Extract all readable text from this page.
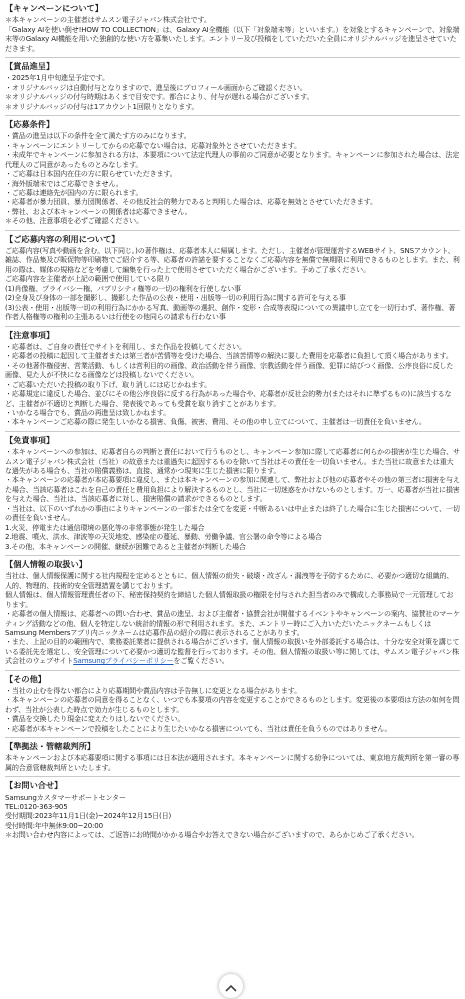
【キャンペーンについて】

＊本キャンペーンの主催者はサムスン電子ジャパン株式会社です。

「Galaxy AIを使い倒せ!HOW TO COLLECTION」は、Galaxy AI全機能（以下「対象端末等」といいます。）を対象とするキャンペーンで、対象端末等のGalaxy AI機能を用いた独創的な使い方を募集いたします。エントリー及び投稿をしていただいた全員にオリジナルバッジを進呈させていただきます。

【賞品進呈】

・2025年1月中旬進呈予定です。

・オリジナルバッジは自動付与となりますので、進呈後にプロフィール画面からご確認ください。

＊オリジナルバッジの付与時期はあくまで目安です。都合により、付与が遅れる場合がございます。

＊オリジナルバッジの付与は1アカウント1回限りとなります。

【応募条件】

・賞品の進呈は以下の条件を全て満たす方のみになります。

・キャンペーンにエントリーしてからの応募でない場合は、応募対象外とさせていただきます。

・未成年でキャンペーンに参加される方は、本要項について法定代理人の事前のご同意が必要となります。キャンペーンに参加された場合は、法定代理人のご同意があったものとみなします。

・ご応募は日本国内在住の方に限らせていただきます。

・海外版端末ではご応募できません。

・ご応募は連絡先が国内の方に限られます。

・応募者が暴力団員、暴力団関係者、その他反社会的勢力であると判明した場合は、応募を無効とさせていただきます。

・弊社、および本キャンペーンの関係者は応募できません。

＊その他、注意事項を必ずご確認ください。

【ご応募内容の利用について】

ご応募内容(写真や動画を含む。以下同じ。)の著作権は、応募者本人に帰属します。ただし、主催者が管理運営するWEBサイト、SNSアカウント、雑誌、作品集及び販促物等印刷物でご紹介する等、応募者の許諾を要することなくご応募内容を無償で無期限に利用できるものとします。また、利用の際は、媒体の規格などを考慮して編集を行った上で使用させていただく場合がございます。予めご了承ください。

ご応募内容を主催者が上記の範囲で使用している限り

(1)肖像権、プライバシー権、パブリシティ権等の一切の権利を行使しない事

(2)全身及び身体の一部を撮影し、撮影した作品の公表・使用・出版等一切の利用行為に関する許可を与える事

(3)公表・使用・出版等一切の利用行為にかかる写真、動画等の選択、創作・変形・合成等表現についての異議申し立てを一切行わず、著作権、著作者人格権等の権利の主張あるいは行使をの他同らの請求も行わない事

【注意事項】

・応募者は、ご自身の責任でサイトを利用し、また作品を投稿してください。

・応募者の投稿に起因して主催者または第三者が苦情等を受けた場合、当該苦情等の解決に要した費用を応募者に負担して頂く場合があります。

・その他著作権侵害、営業活動、もしくは営利目的の画像、政治活動を伴う画像、宗教活動を伴う画像、犯罪に結びつく画像、公序良俗に反した画像、見た人が不快になる画像などは投稿しないでください。

・ご応募いただいた投稿の取り下げ、取り消しには応じかねます。

・応募規定に違反した場合、並びにその他公序良俗に反する行為があった場合や、応募者が反社会的勢力(またはそれに準ずるもの)に該当するなど、主催者が不適切と判断した場合、発表後であっても受賞を取り消すことがあります。

・いかなる場合でも、賞品の再進呈は致しかねます。

・本キャンペーンご応募の際に発生しいかなる損害、負傷、被害、費用、その他の申し立てについて、主催者は一切責任を負いません。

【免責事項】

・本キャンペーンへの参加は、応募者自らの判断と責任において行うものとし、キャンペーン参加に際して応募者に何らかの損害が生じた場合、サムスン電子ジャパン株式会社（当社）の故意または重過失に起因するものを除いて当社はその責任を一切負いません。また当社に故意または重大な過失がある場合も、当社の賠償義務は、直接、通常かつ現実に生じた損害に限ります。

・本キャンペーンの応募者が本応募要項に違反し、または本キャンペーンの参加に関連して、弊社および他の応募者やその他の第三者に損害を与えた場合、当該応募者はこれを自己の責任と費用負担により解決するものとし、当社に一切迷惑をかけないものとします。万一、応募者が当社に損害を与えた場合、当社は、当該応募者に対し、損害賠償の請求ができるものとします。

・当社は、以下のいずれかの事由によりキャンペーンの一部または全てを変更・中断あるいは中止または終了した場合に生じた損害について、一切の責任を負いません。

1.火災、停電または通信環境の悪化等の非常事態が発生した場合

2.地震、噴火、洪水、津波等の天災地変、感染症の蔓延、暴動、労働争議、官公署の命令等による場合

3.その他、本キャンペーンの開催、継続が困難であると主催者が判断した場合

【個人情報の取扱い】

当社は、個人情報保護に関する社内規程を定めるとともに、個人情報の紛失・破壊・改ざん・漏洩等を予防するために、必要かつ適切な組織的、人的、物理的、技術的安全管理措置を講じております。

個人情報は、個人情報管理責任者の下、秘密保持契約を締結した個人情報取扱の権限を付与された担当者のみで構成した事務局で一元管理しております。

・応募者の個人情報は、応募者への問い合わせ、賞品の進呈、および主催者・協賛会社が開催するイベントやキャンペーンの案内、協賛社のマーケティング活動などの他、個人を特定しない統計的情報の形で利用されます。また、エントリー時にご入力いただいたニックネームもしくはSamsung Membersアプリ内ニックネームは応募作品の紹介の際に表示されることがあります。

・また、上記の目的の範囲内で、業務委託業者に提供される場合がございます。個人情報の取扱いを外部委託する場合は、十分な安全対策を講じている委託先を選定し、安全管理について必要かつ適切な監督を行っております。その他、個人情報の取扱い等に関しては、サムスン電子ジャパン株式会社のウェブサイトSamsungプライバシーポリシーをご覧ください。

【その他】

・当社の止むを得ない都合により応募期間や賞品内容は予告無しに変更となる場合があります。

・本キャンペーンの応募者の同意を得ることなく、いつでも本要項の内容を変更することができるものとします。変更後の本要項は方法の如何を問わず、当社が公表した時点で効力が生じるものとします。

・賞品を交換したり現金に変えたりはしないでください。

・応募者が本キャンペーンで投稿をしたことにより生じたいかなる損害についても、当社は責任を負うものではありません。

【準拠法・管轄裁判所】

本キャンペーンおよび本応募要項に関する事項には日本法が適用されます。本キャンペーンに関する紛争については、東京地方裁判所を第一審の専属的合意管轄裁判所といたします。

【お問い合せ】

Samsungカスタマーサポートセンター

TEL:0120-363-905

受付期間:2023年11月1日(金)~2024年12月15日(日)

受付時間:年中無休9:00~20:00

＊お問い合わせ内容によっては、ご返答にお時間がかかる場合やお答えできない場合がございますので、あらかじめご了承ください。
